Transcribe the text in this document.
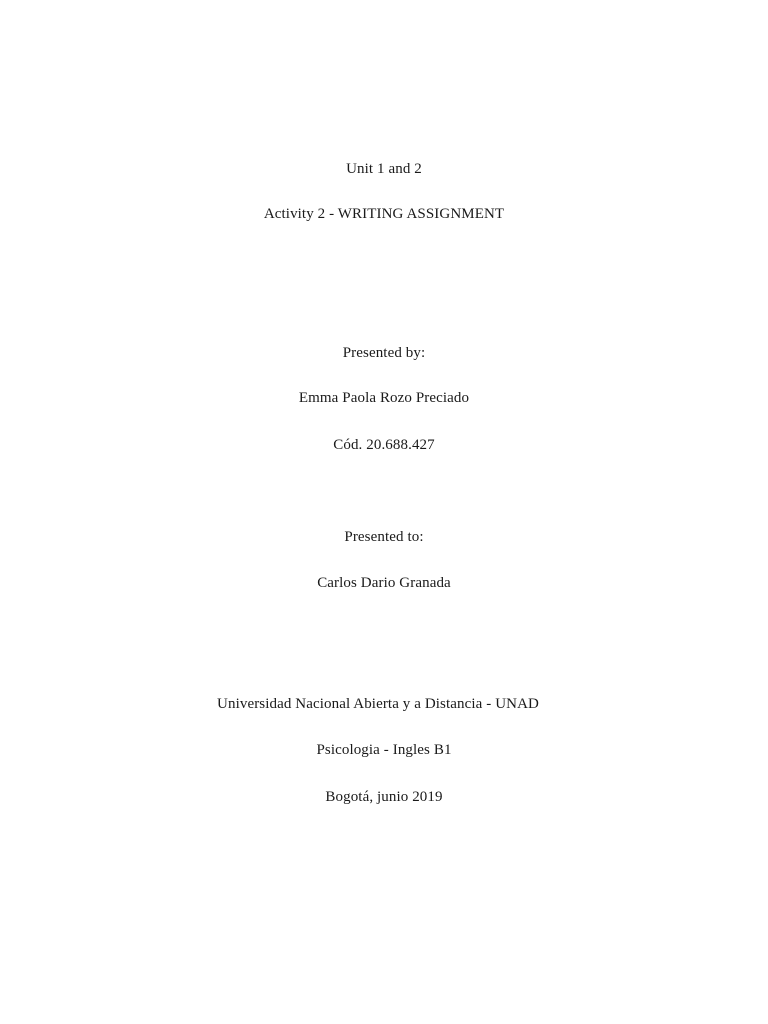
Unit 1 and 2
Activity 2 - WRITING ASSIGNMENT
Presented by:
Emma Paola Rozo Preciado
Cód. 20.688.427
Presented to:
Carlos Dario Granada
Universidad Nacional Abierta y a Distancia - UNAD
Psicologia - Ingles B1
Bogotá, junio 2019
